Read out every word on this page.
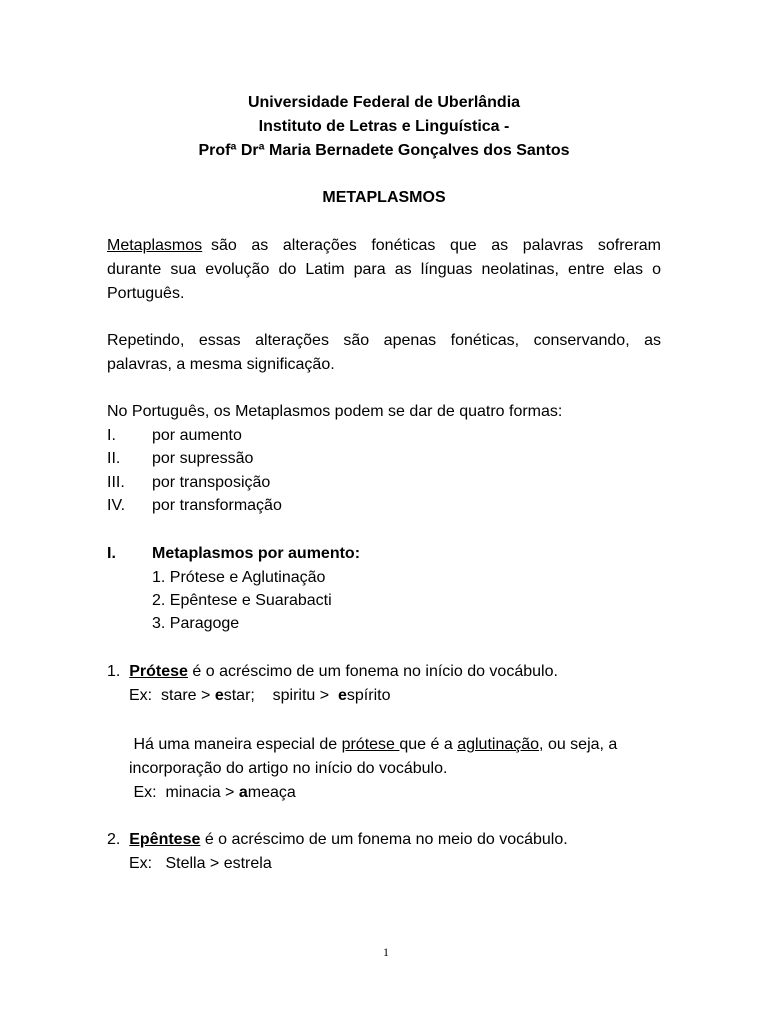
Universidade Federal de Uberlândia
Instituto de Letras e Linguística -
Profª Drª Maria Bernadete Gonçalves dos Santos
METAPLASMOS
Metaplasmos são as alterações fonéticas que as palavras sofreram
durante sua evolução do Latim para as línguas neolatinas, entre elas o
Português.
Repetindo, essas alterações são apenas fonéticas, conservando, as
palavras, a mesma significação.
No Português, os Metaplasmos podem se dar de quatro formas:
I. por aumento
II. por supressão
III. por transposição
IV. por transformação
I. Metaplasmos por aumento:
1. Prótese e Aglutinação
2. Epêntese e Suarabacti
3. Paragoge
1. Prótese é o acréscimo de um fonema no início do vocábulo.
Ex:  stare > estar;    spiritu >  espírito
Há uma maneira especial de prótese que é a aglutinação, ou seja, a
incorporação do artigo no início do vocábulo.
Ex:  minacia > ameaça
2. Epêntese é o acréscimo de um fonema no meio do vocábulo.
Ex:   Stella > estrela
1
